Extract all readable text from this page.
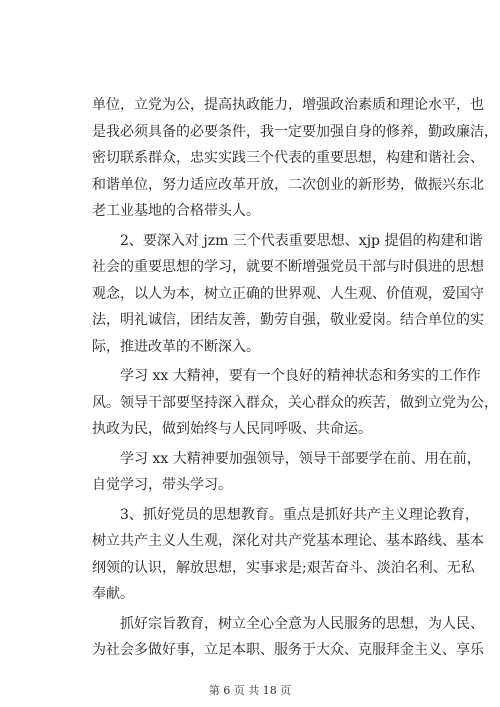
单位，立党为公，提高执政能力，增强政治素质和理论水平，也

是我必须具备的必要条件，我一定要加强自身的修养，勤政廉洁，

密切联系群众，忠实实践三个代表的重要思想，构建和谐社会、

和谐单位，努力适应改革开放，二次创业的新形势，做振兴东北

老工业基地的合格带头人。

2、要深入对 jzm 三个代表重要思想、xjp 提倡的构建和谐

社会的重要思想的学习，就要不断增强党员干部与时俱进的思想

观念，以人为本，树立正确的世界观、人生观、价值观，爱国守

法，明礼诚信，团结友善，勤劳自强，敬业爱岗。结合单位的实

际，推进改革的不断深入。

学习 xx 大精神，要有一个良好的精神状态和务实的工作作

风。领导干部要坚持深入群众，关心群众的疾苦，做到立党为公，

执政为民，做到始终与人民同呼吸、共命运。

学习 xx 大精神要加强领导，领导干部要学在前、用在前，

自觉学习，带头学习。

3、抓好党员的思想教育。重点是抓好共产主义理论教育，

树立共产主义人生观，深化对共产党基本理论、基本路线、基本

纲领的认识，解放思想，实事求是;艰苦奋斗、淡泊名利、无私

奉献。

抓好宗旨教育，树立全心全意为人民服务的思想，为人民、

为社会多做好事，立足本职、服务于大众、克服拜金主义、享乐

第 6 页 共 18 页
